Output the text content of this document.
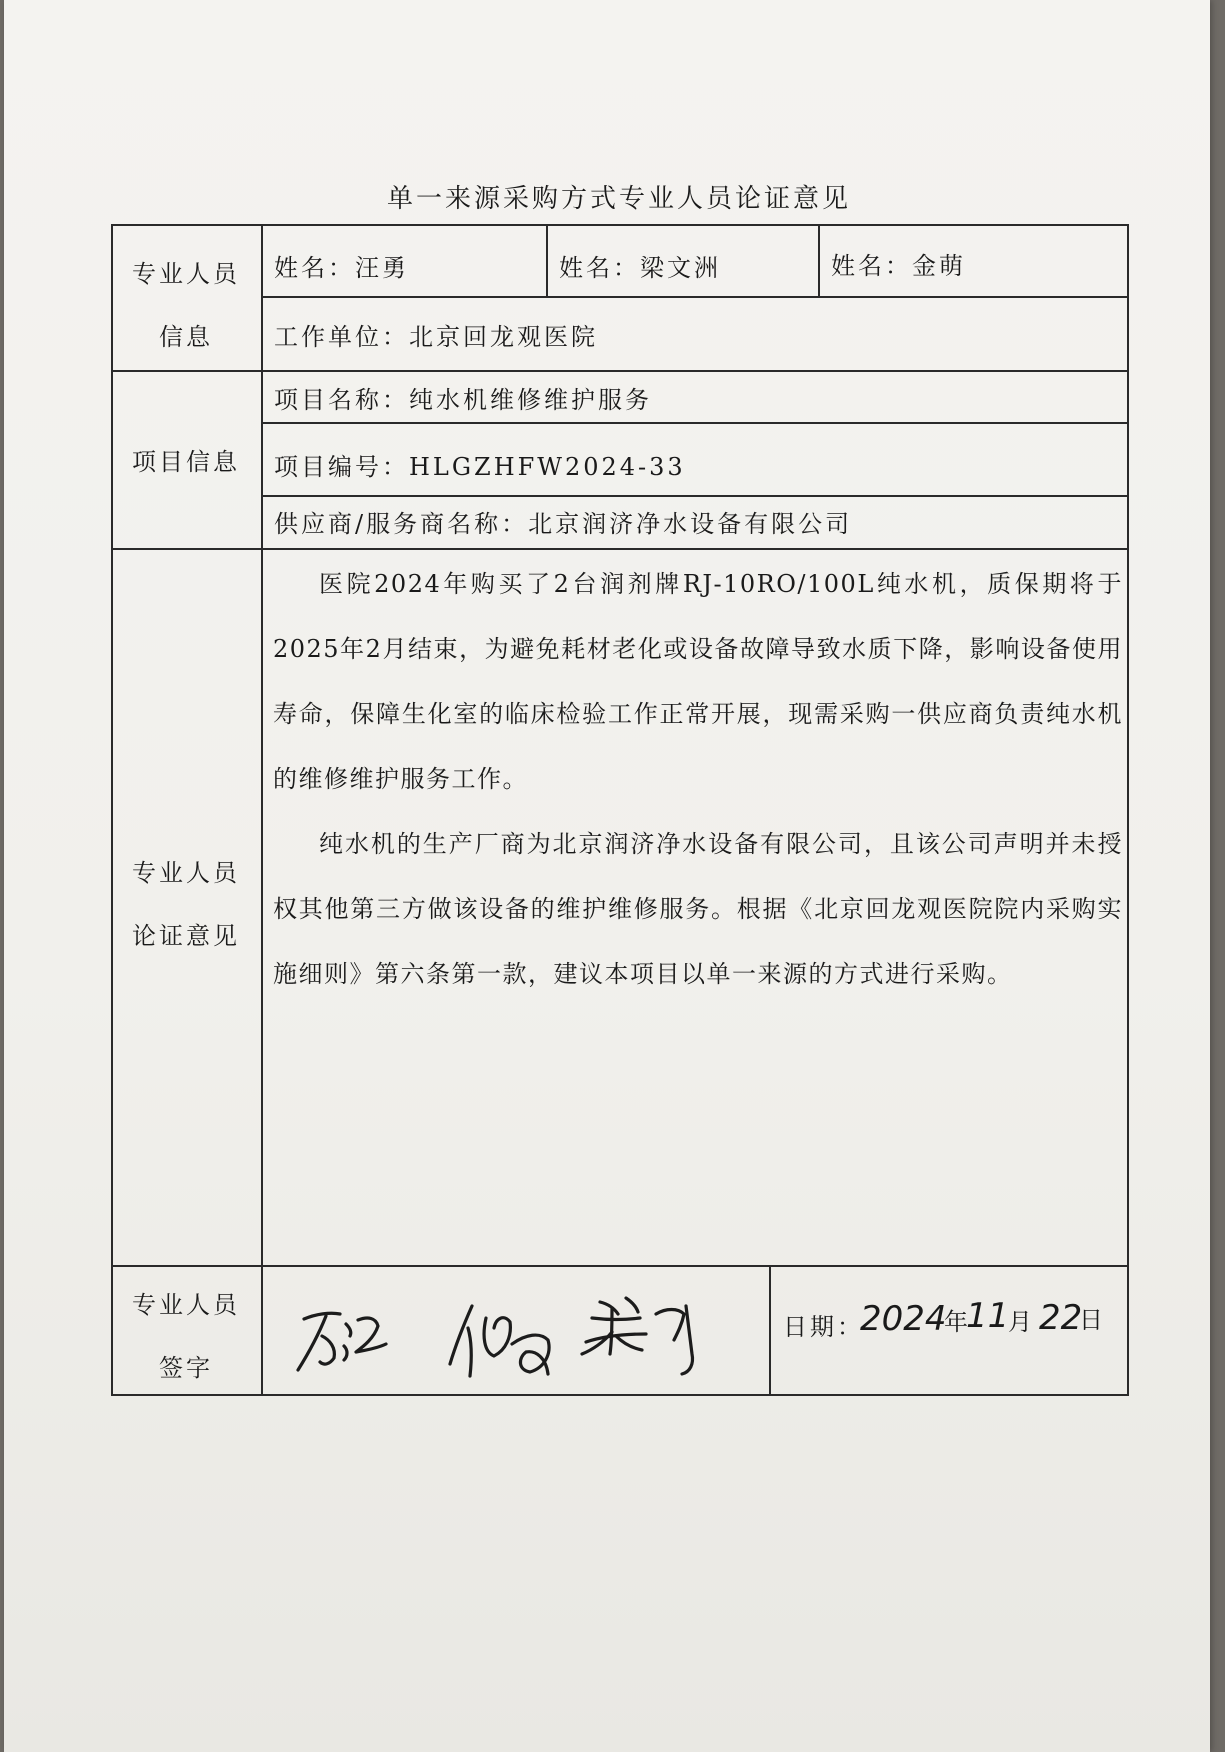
单一来源采购方式专业人员论证意见
专业人员
信息
姓名：汪勇	姓名：梁文洲	姓名：金萌
工作单位：北京回龙观医院
项目信息
项目名称：纯水机维修维护服务
项目编号：HLGZHFW2024-33
供应商/服务商名称：北京润济净水设备有限公司
专业人员
论证意见
医院2024年购买了2台润剂牌RJ-10RO/100L纯水机，质保期将于2025年2月结束，为避免耗材老化或设备故障导致水质下降，影响设备使用寿命，保障生化室的临床检验工作正常开展，现需采购一供应商负责纯水机的维修维护服务工作。
纯水机的生产厂商为北京润济净水设备有限公司，且该公司声明并未授权其他第三方做该设备的维护维修服务。根据《北京回龙观医院院内采购实施细则》第六条第一款，建议本项目以单一来源的方式进行采购。
专业人员
签字
日期：
2024
年
11
月 22
日
